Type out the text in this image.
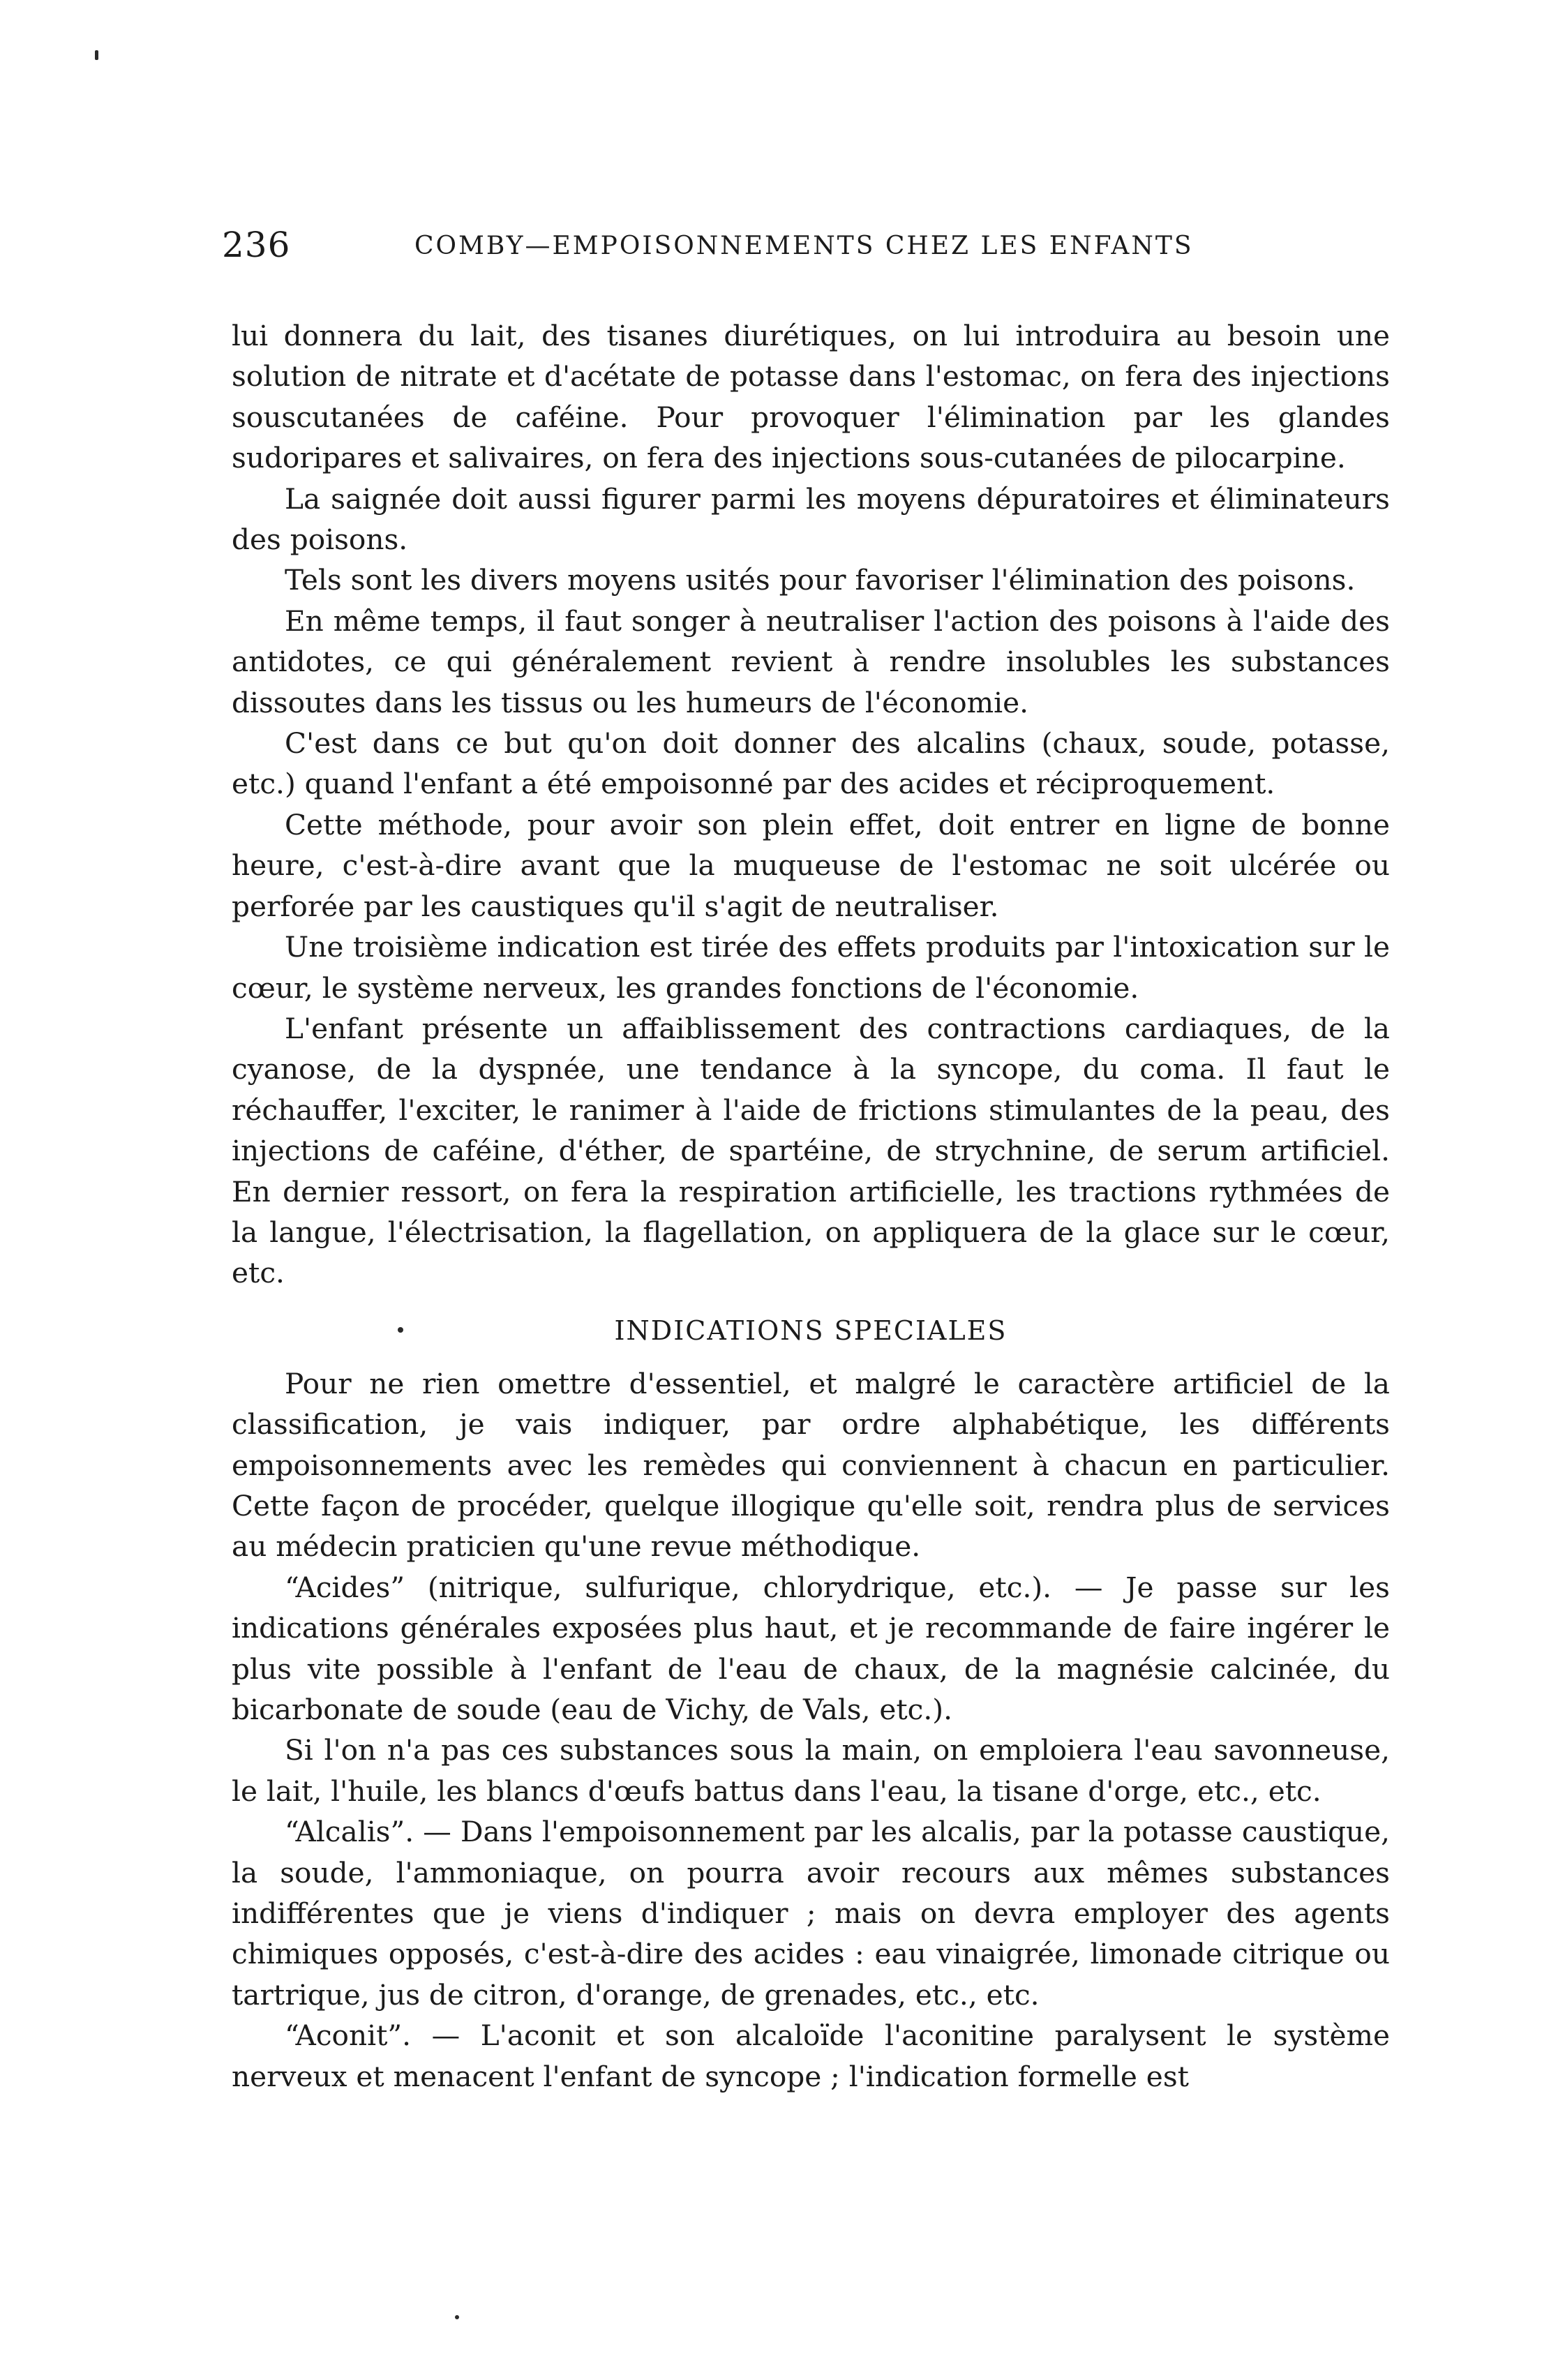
236	COMBY—EMPOISONNEMENTS CHEZ LES ENFANTS

lui donnera du lait, des tisanes diurétiques, on lui introduira au besoin une solution de nitrate et d'acétate de potasse dans l'estomac, on fera des injections souscutanées de caféine. Pour provoquer l'élimination par les glandes sudoripares et salivaires, on fera des injections sous-cutanées de pilocarpine.

La saignée doit aussi figurer parmi les moyens dépuratoires et éliminateurs des poisons.

Tels sont les divers moyens usités pour favoriser l'élimination des poisons.

En même temps, il faut songer à neutraliser l'action des poisons à l'aide des antidotes, ce qui généralement revient à rendre insolubles les substances dissoutes dans les tissus ou les humeurs de l'économie.

C'est dans ce but qu'on doit donner des alcalins (chaux, soude, potasse, etc.) quand l'enfant a été empoisonné par des acides et réciproquement.

Cette méthode, pour avoir son plein effet, doit entrer en ligne de bonne heure, c'est-à-dire avant que la muqueuse de l'estomac ne soit ulcérée ou perforée par les caustiques qu'il s'agit de neutraliser.

Une troisième indication est tirée des effets produits par l'intoxication sur le cœur, le système nerveux, les grandes fonctions de l'économie.

L'enfant présente un affaiblissement des contractions cardiaques, de la cyanose, de la dyspnée, une tendance à la syncope, du coma. Il faut le réchauffer, l'exciter, le ranimer à l'aide de frictions stimulantes de la peau, des injections de caféine, d'éther, de spartéine, de strychnine, de serum artificiel. En dernier ressort, on fera la respiration artificielle, les tractions rythmées de la langue, l'électrisation, la flagellation, on appliquera de la glace sur le cœur, etc.

INDICATIONS SPECIALES

Pour ne rien omettre d'essentiel, et malgré le caractère artificiel de la classification, je vais indiquer, par ordre alphabétique, les différents empoisonnements avec les remèdes qui conviennent à chacun en particulier. Cette façon de procéder, quelque illogique qu'elle soit, rendra plus de services au médecin praticien qu'une revue méthodique.

“Acides” (nitrique, sulfurique, chlorydrique, etc.). — Je passe sur les indications générales exposées plus haut, et je recommande de faire ingérer le plus vite possible à l'enfant de l'eau de chaux, de la magnésie calcinée, du bicarbonate de soude (eau de Vichy, de Vals, etc.).

Si l'on n'a pas ces substances sous la main, on emploiera l'eau savonneuse, le lait, l'huile, les blancs d'œufs battus dans l'eau, la tisane d'orge, etc., etc.

“Alcalis”. — Dans l'empoisonnement par les alcalis, par la potasse caustique, la soude, l'ammoniaque, on pourra avoir recours aux mêmes substances indifférentes que je viens d'indiquer ; mais on devra employer des agents chimiques opposés, c'est-à-dire des acides : eau vinaigrée, limonade citrique ou tartrique, jus de citron, d'orange, de grenades, etc., etc.

“Aconit”. — L'aconit et son alcaloïde l'aconitine paralysent le système nerveux et menacent l'enfant de syncope ; l'indication formelle est
